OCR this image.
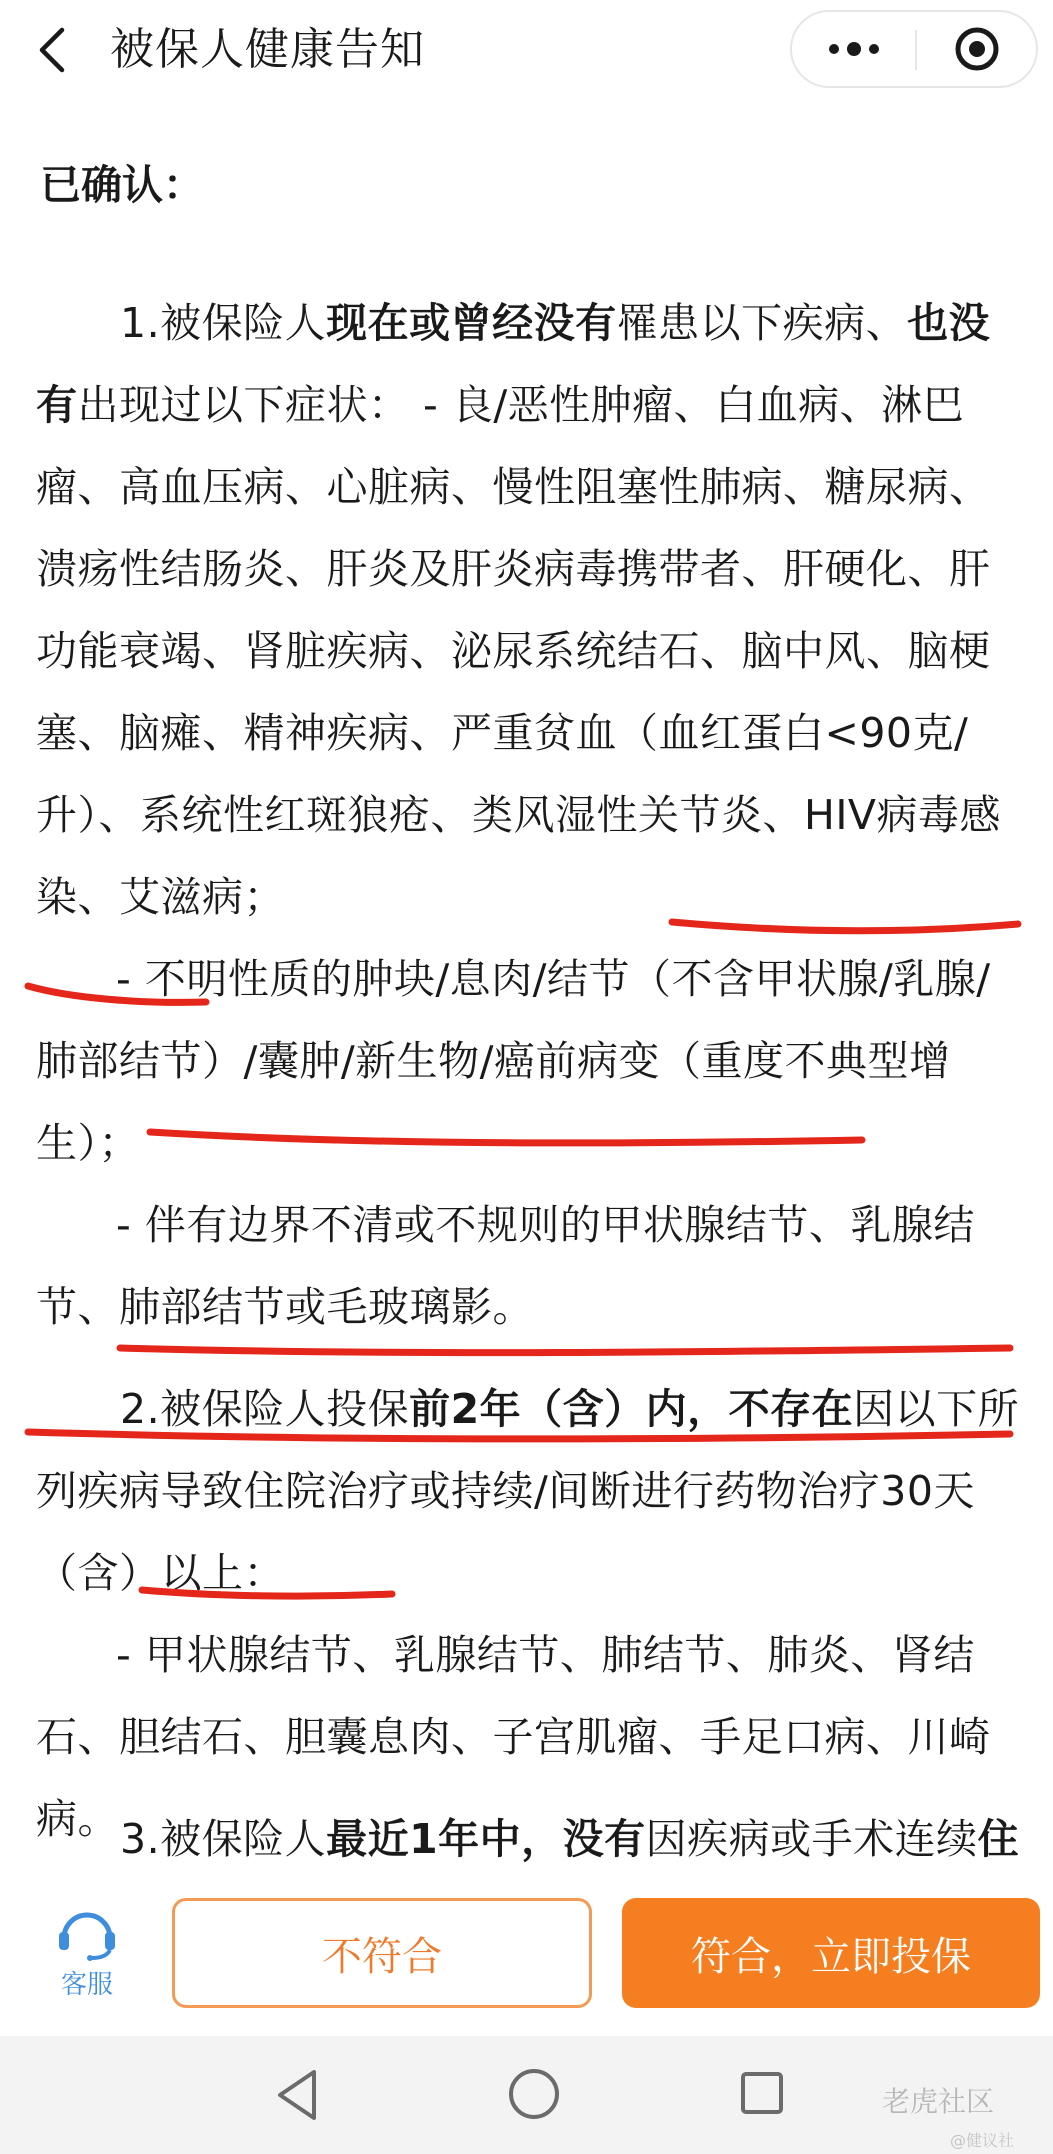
被保人健康告知
已确认：

1.被保险人现在或曾经没有罹患以下疾病、也没有出现过以下症状： - 良/恶性肿瘤、白血病、淋巴瘤、高血压病、心脏病、慢性阻塞性肺病、糖尿病、溃疡性结肠炎、肝炎及肝炎病毒携带者、肝硬化、肝功能衰竭、肾脏疾病、泌尿系统结石、脑中风、脑梗塞、脑瘫、精神疾病、严重贫血（血红蛋白<90克/升）、系统性红斑狼疮、类风湿性关节炎、HIV病毒感染、艾滋病；

- 不明性质的肿块/息肉/结节（不含甲状腺/乳腺/肺部结节）/囊肿/新生物/癌前病变（重度不典型增生）；

- 伴有边界不清或不规则的甲状腺结节、乳腺结节、肺部结节或毛玻璃影。

2.被保险人投保前2年（含）内，不存在因以下所列疾病导致住院治疗或持续/间断进行药物治疗30天（含）以上：

- 甲状腺结节、乳腺结节、肺结节、肺炎、肾结石、胆结石、胆囊息肉、子宫肌瘤、手足口病、川崎病。 3.被保险人最近1年中，没有因疾病或手术连续住

客服
不符合	符合，立即投保
老虎社区
@健议社
